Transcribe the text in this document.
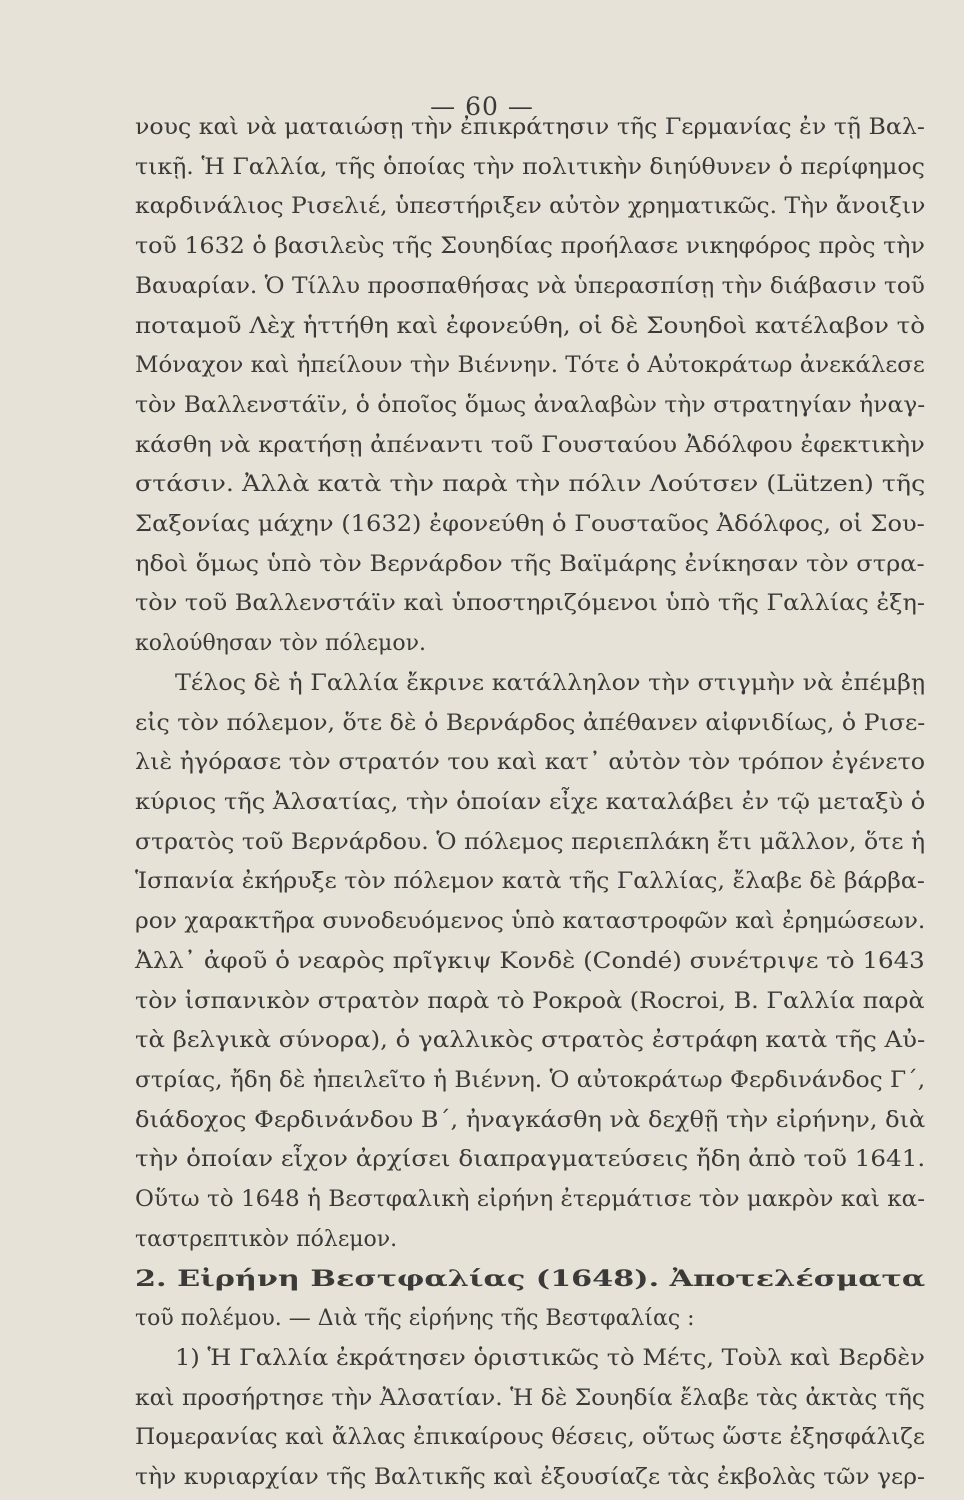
— 60 —
νους καὶ νὰ ματαιώσῃ τὴν ἐπικράτησιν τῆς Γερμανίας ἐν τῇ Βαλ-
τικῇ. Ἡ Γαλλία, τῆς ὁποίας τὴν πολιτικὴν διηύθυνεν ὁ περίφημος
καρδινάλιος Ρισελιέ, ὑπεστήριξεν αὐτὸν χρηματικῶς. Τὴν ἄνοιξιν
τοῦ 1632 ὁ βασιλεὺς τῆς Σουηδίας προήλασε νικηφόρος πρὸς τὴν
Βαυαρίαν. Ὁ Τίλλυ προσπαθήσας νὰ ὑπερασπίσῃ τὴν διάβασιν τοῦ
ποταμοῦ Λὲχ ἡττήθη καὶ ἐφονεύθη, οἱ δὲ Σουηδοὶ κατέλαβον τὸ
Μόναχον καὶ ἠπείλουν τὴν Βιέννην. Τότε ὁ Αὐτοκράτωρ ἀνεκάλεσε
τὸν Βαλλενστάϊν, ὁ ὁποῖος ὅμως ἀναλαβὼν τὴν στρατηγίαν ἠναγ-
κάσθη νὰ κρατήσῃ ἀπέναντι τοῦ Γουσταύου Ἀδόλφου ἐφεκτικὴν
στάσιν. Ἀλλὰ κατὰ τὴν παρὰ τὴν πόλιν Λούτσεν (Lützen) τῆς
Σαξονίας μάχην (1632) ἐφονεύθη ὁ Γουσταῦος Ἀδόλφος, οἱ Σου-
ηδοὶ ὅμως ὑπὸ τὸν Βερνάρδον τῆς Βαϊμάρης ἐνίκησαν τὸν στρα-
τὸν τοῦ Βαλλενστάϊν καὶ ὑποστηριζόμενοι ὑπὸ τῆς Γαλλίας ἐξη-
κολούθησαν τὸν πόλεμον.
Τέλος δὲ ἡ Γαλλία ἔκρινε κατάλληλον τὴν στιγμὴν νὰ ἐπέμβῃ
εἰς τὸν πόλεμον, ὅτε δὲ ὁ Βερνάρδος ἀπέθανεν αἰφνιδίως, ὁ Ρισε-
λιὲ ἠγόρασε τὸν στρατόν του καὶ κατ᾿ αὐτὸν τὸν τρόπον ἐγένετο
κύριος τῆς Ἀλσατίας, τὴν ὁποίαν εἶχε καταλάβει ἐν τῷ μεταξὺ ὁ
στρατὸς τοῦ Βερνάρδου. Ὁ πόλεμος περιεπλάκη ἔτι μᾶλλον, ὅτε ἡ
Ἱσπανία ἐκήρυξε τὸν πόλεμον κατὰ τῆς Γαλλίας, ἔλαβε δὲ βάρβα-
ρον χαρακτῆρα συνοδευόμενος ὑπὸ καταστροφῶν καὶ ἐρημώσεων.
Ἀλλ᾿ ἀφοῦ ὁ νεαρὸς πρῖγκιψ Κονδὲ (Condé) συνέτριψε τὸ 1643
τὸν ἱσπανικὸν στρατὸν παρὰ τὸ Ροκροὰ (Rocroi, Β. Γαλλία παρὰ
τὰ βελγικὰ σύνορα), ὁ γαλλικὸς στρατὸς ἐστράφη κατὰ τῆς Αὐ-
στρίας, ἤδη δὲ ἠπειλεῖτο ἡ Βιέννη. Ὁ αὐτοκράτωρ Φερδινάνδος Γ΄,
διάδοχος Φερδινάνδου Β΄, ἠναγκάσθη νὰ δεχθῇ τὴν εἰρήνην, διὰ
τὴν ὁποίαν εἶχον ἀρχίσει διαπραγματεύσεις ἤδη ἀπὸ τοῦ 1641.
Οὕτω τὸ 1648 ἡ Βεστφαλικὴ εἰρήνη ἐτερμάτισε τὸν μακρὸν καὶ κα-
ταστρεπτικὸν πόλεμον.
2. Εἰρήνη Βεστφαλίας (1648). Ἀποτελέσματα
τοῦ πολέμου. — Διὰ τῆς εἰρήνης τῆς Βεστφαλίας :
1) Ἡ Γαλλία ἐκράτησεν ὁριστικῶς τὸ Μέτς, Τοὺλ καὶ Βερδὲν
καὶ προσήρτησε τὴν Ἀλσατίαν. Ἡ δὲ Σουηδία ἔλαβε τὰς ἀκτὰς τῆς
Πομερανίας καὶ ἄλλας ἐπικαίρους θέσεις, οὕτως ὥστε ἐξησφάλιζε
τὴν κυριαρχίαν τῆς Βαλτικῆς καὶ ἐξουσίαζε τὰς ἐκβολὰς τῶν γερ-
